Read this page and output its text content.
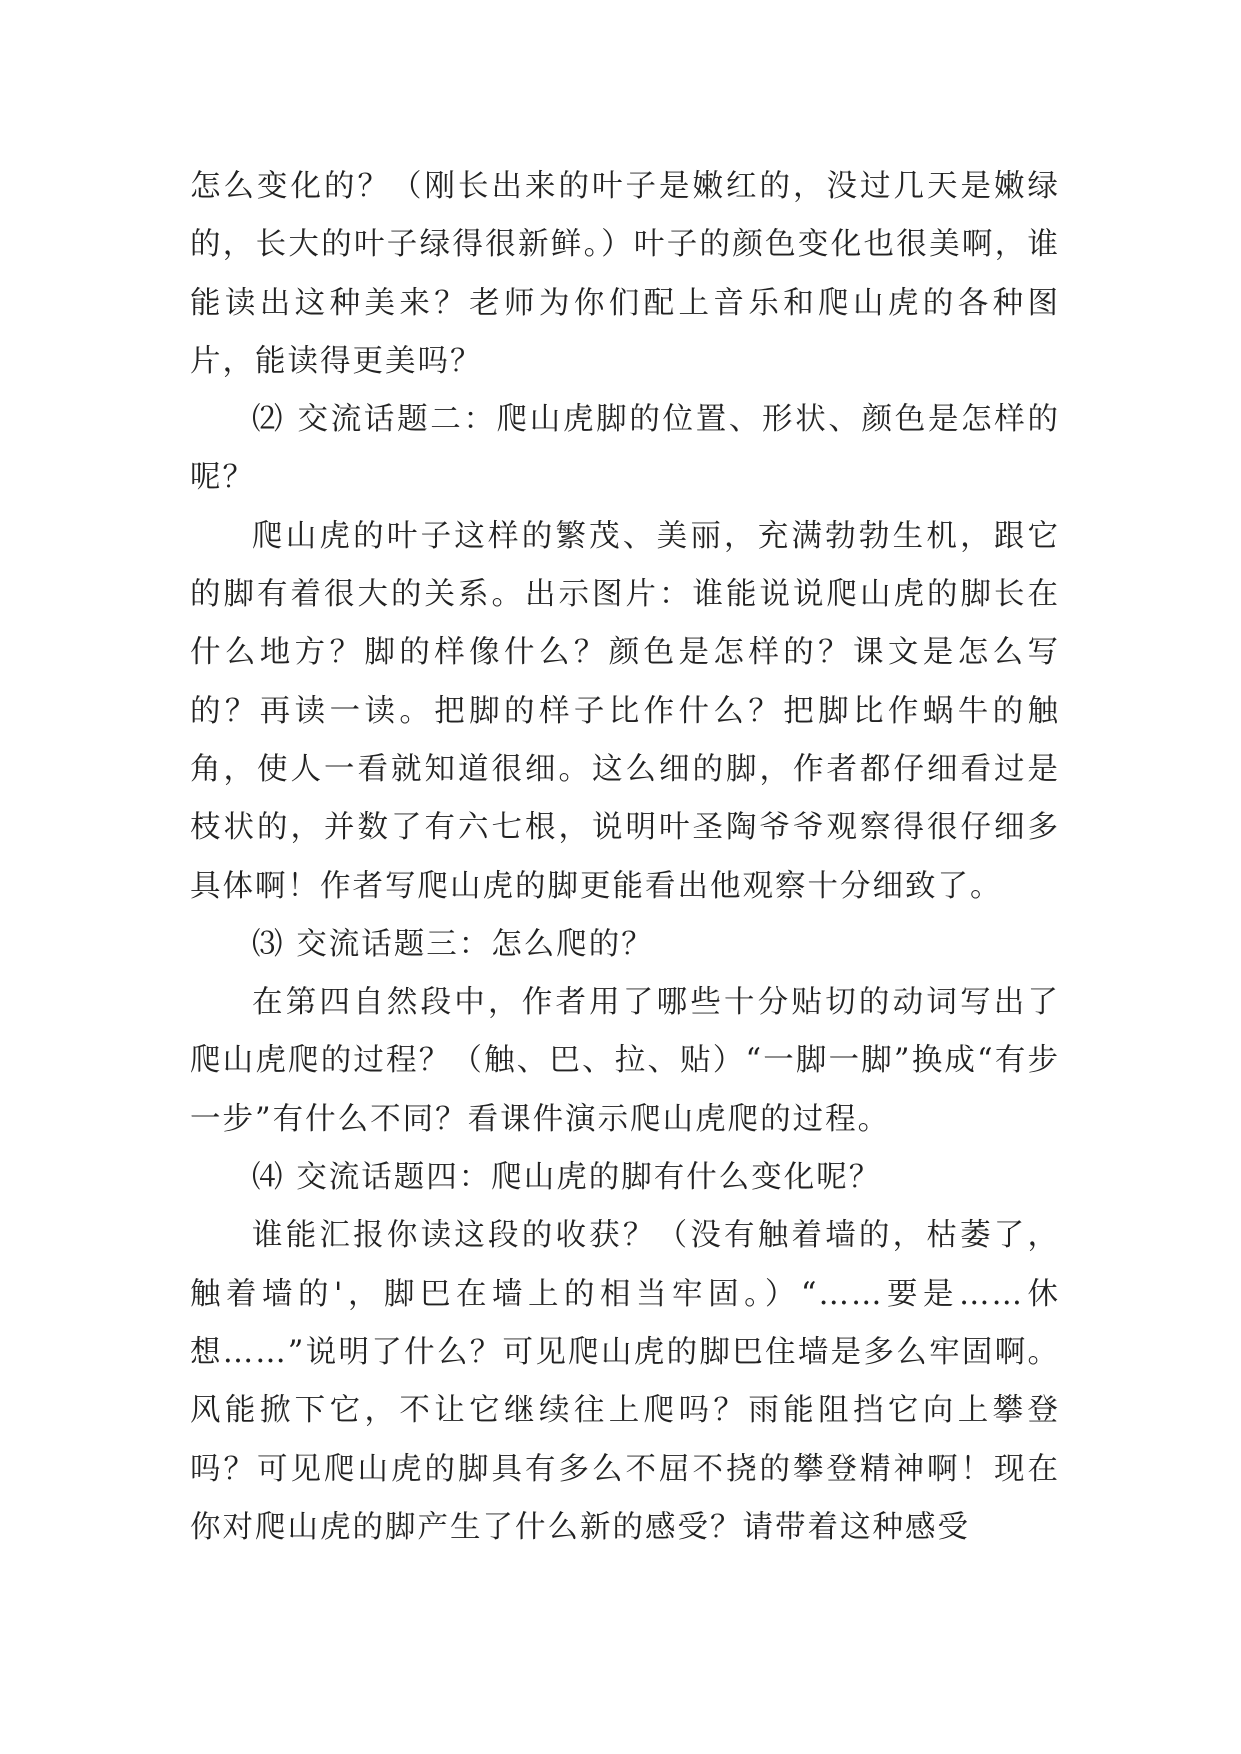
怎么变化的？（刚长出来的叶子是嫩红的，没过几天是嫩绿的，长大的叶子绿得很新鲜。）叶子的颜色变化也很美啊，谁能读出这种美来？老师为你们配上音乐和爬山虎的各种图片，能读得更美吗？

⑵ 交流话题二：爬山虎脚的位置、形状、颜色是怎样的呢？

爬山虎的叶子这样的繁茂、美丽，充满勃勃生机，跟它的脚有着很大的关系。出示图片：谁能说说爬山虎的脚长在什么地方？脚的样像什么？颜色是怎样的？课文是怎么写的？再读一读。把脚的样子比作什么？把脚比作蜗牛的触角，使人一看就知道很细。这么细的脚，作者都仔细看过是枝状的，并数了有六七根，说明叶圣陶爷爷观察得很仔细多具体啊！作者写爬山虎的脚更能看出他观察十分细致了。

⑶ 交流话题三：怎么爬的？

在第四自然段中，作者用了哪些十分贴切的动词写出了爬山虎爬的过程？（触、巴、拉、贴）“一脚一脚”换成“有步一步”有什么不同？看课件演示爬山虎爬的过程。

⑷ 交流话题四：爬山虎的脚有什么变化呢？

谁能汇报你读这段的收获？（没有触着墙的，枯萎了，触着墙的'，脚巴在墙上的相当牢固。）“……要是……休想……”说明了什么？可见爬山虎的脚巴住墙是多么牢固啊。风能掀下它，不让它继续往上爬吗？雨能阻挡它向上攀登吗？可见爬山虎的脚具有多么不屈不挠的攀登精神啊！现在你对爬山虎的脚产生了什么新的感受？请带着这种感受
